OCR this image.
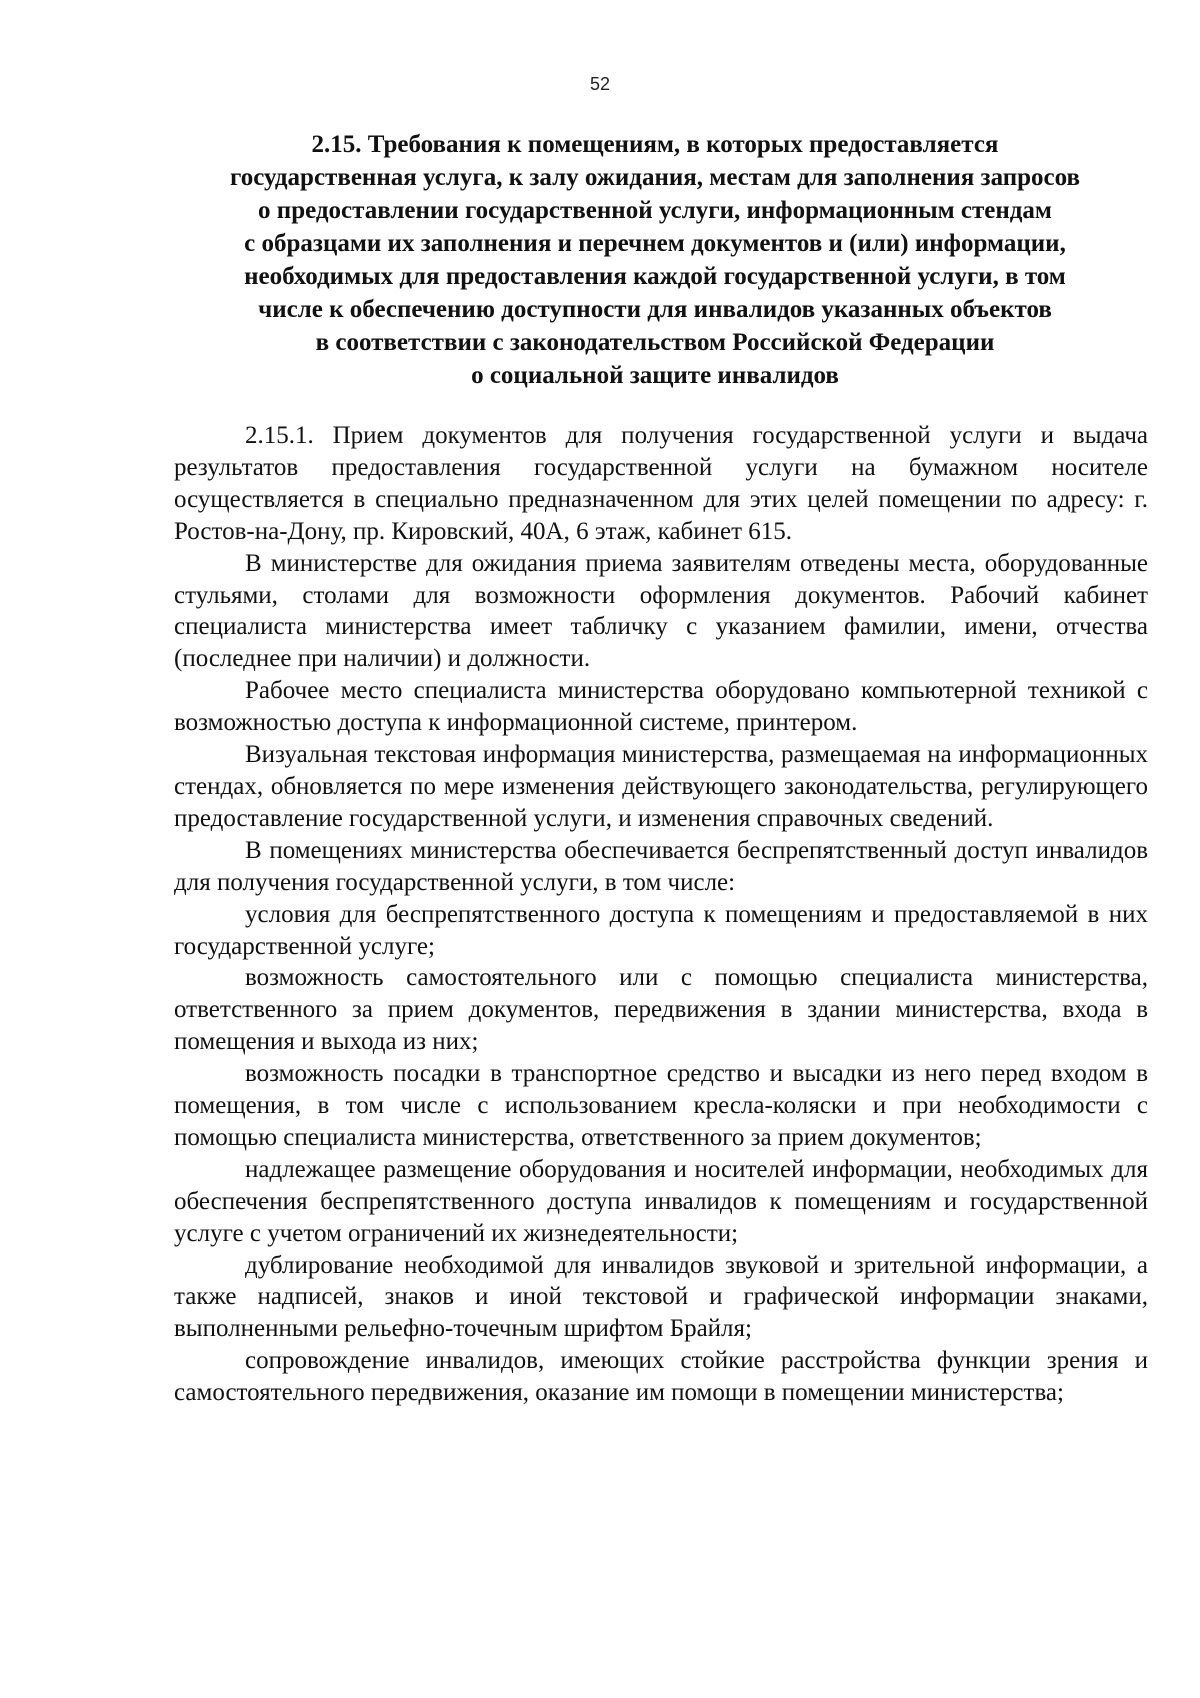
52
2.15. Требования к помещениям, в которых предоставляется
государственная услуга, к залу ожидания, местам для заполнения запросов
о предоставлении государственной услуги, информационным стендам
с образцами их заполнения и перечнем документов и (или) информации,
необходимых для предоставления каждой государственной услуги, в том
числе к обеспечению доступности для инвалидов указанных объектов
в соответствии с законодательством Российской Федерации
о социальной защите инвалидов

2.15.1. Прием документов для получения государственной услуги и выдача результатов предоставления государственной услуги на бумажном носителе осуществляется в специально предназначенном для этих целей помещении по адресу: г. Ростов-на-Дону, пр. Кировский, 40А, 6 этаж, кабинет 615.

В министерстве для ожидания приема заявителям отведены места, оборудованные стульями, столами для возможности оформления документов. Рабочий кабинет специалиста министерства имеет табличку с указанием фамилии, имени, отчества (последнее при наличии) и должности.

Рабочее место специалиста министерства оборудовано компьютерной техникой с возможностью доступа к информационной системе, принтером.

Визуальная текстовая информация министерства, размещаемая на информационных стендах, обновляется по мере изменения действующего законодательства, регулирующего предоставление государственной услуги, и изменения справочных сведений.

В помещениях министерства обеспечивается беспрепятственный доступ инвалидов для получения государственной услуги, в том числе:

условия для беспрепятственного доступа к помещениям и предоставляемой в них государственной услуге;

возможность самостоятельного или с помощью специалиста министерства, ответственного за прием документов, передвижения в здании министерства, входа в помещения и выхода из них;

возможность посадки в транспортное средство и высадки из него перед входом в помещения, в том числе с использованием кресла-коляски и при необходимости с помощью специалиста министерства, ответственного за прием документов;

надлежащее размещение оборудования и носителей информации, необходимых для обеспечения беспрепятственного доступа инвалидов к помещениям и государственной услуге с учетом ограничений их жизнедеятельности;

дублирование необходимой для инвалидов звуковой и зрительной информации, а также надписей, знаков и иной текстовой и графической информации знаками, выполненными рельефно-точечным шрифтом Брайля;

сопровождение инвалидов, имеющих стойкие расстройства функции зрения и самостоятельного передвижения, оказание им помощи в помещении министерства;
